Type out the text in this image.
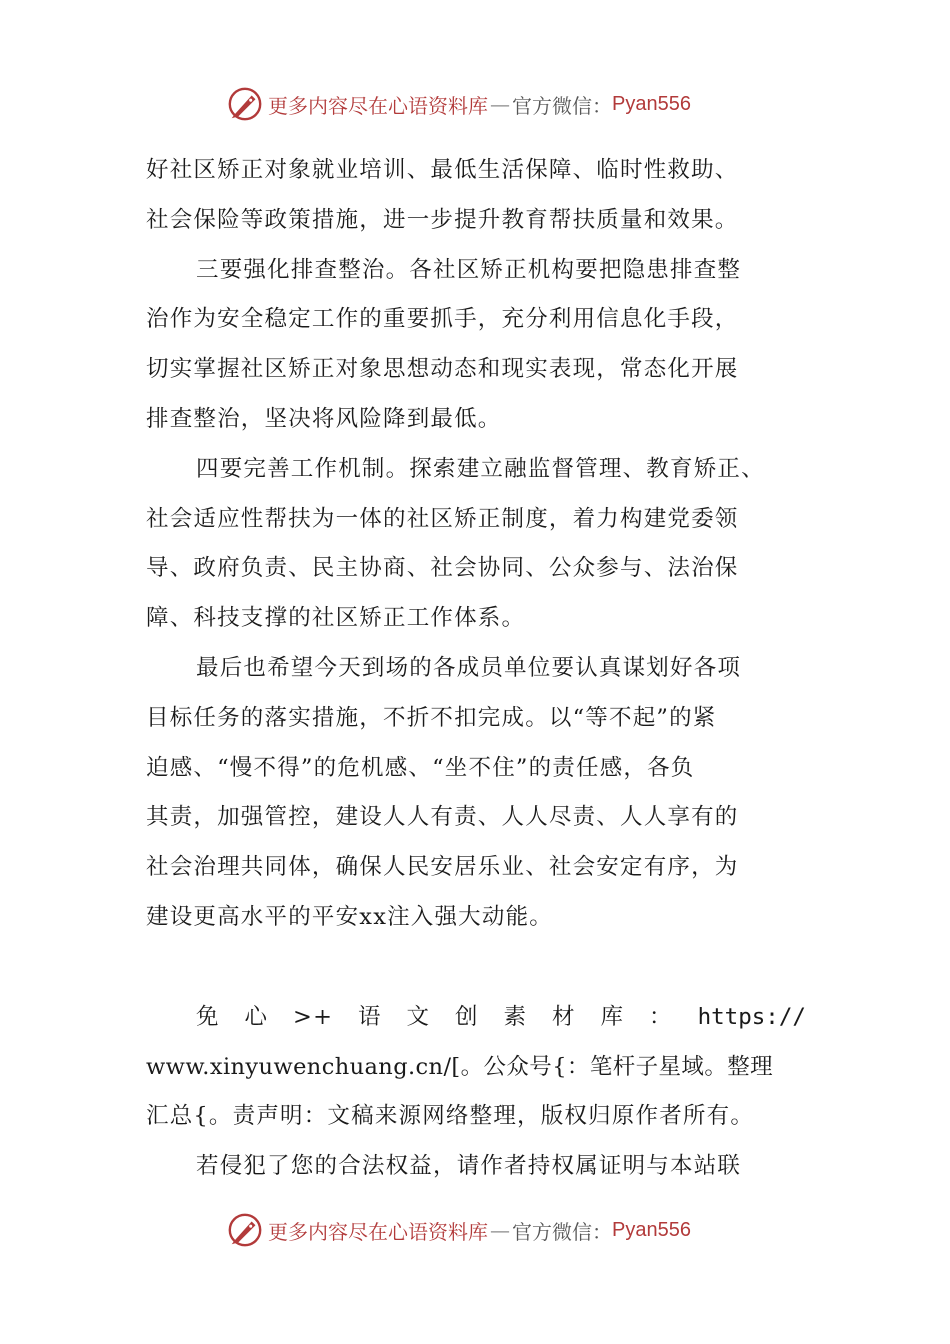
更多内容尽在心语资料库 — 官方微信： Pyan556
好社区矫正对象就业培训、最低生活保障、临时性救助、
社会保险等政策措施，进一步提升教育帮扶质量和效果。
三要强化排查整治。各社区矫正机构要把隐患排查整
治作为安全稳定工作的重要抓手，充分利用信息化手段，
切实掌握社区矫正对象思想动态和现实表现，常态化开展
排查整治，坚决将风险降到最低。
四要完善工作机制。探索建立融监督管理、教育矫正、
社会适应性帮扶为一体的社区矫正制度，着力构建党委领
导、政府负责、民主协商、社会协同、公众参与、法治保
障、科技支撑的社区矫正工作体系。
最后也希望今天到场的各成员单位要认真谋划好各项
目标任务的落实措施，不折不扣完成。以“等不起”的紧
迫感、“慢不得”的危机感、“坐不住”的责任感，各负
其责，加强管控，建设人人有责、人人尽责、人人享有的
社会治理共同体，确保人民安居乐业、社会安定有序，为
建设更高水平的平安xx注入强大动能。
免 心 >+ 语 文 创 素 材 库 ： https://
www.xinyuwenchuang.cn/[。公众号{：笔杆子星域。整理
汇总{。责声明：文稿来源网络整理，版权归原作者所有。
若侵犯了您的合法权益，请作者持权属证明与本站联
更多内容尽在心语资料库 — 官方微信： Pyan556
